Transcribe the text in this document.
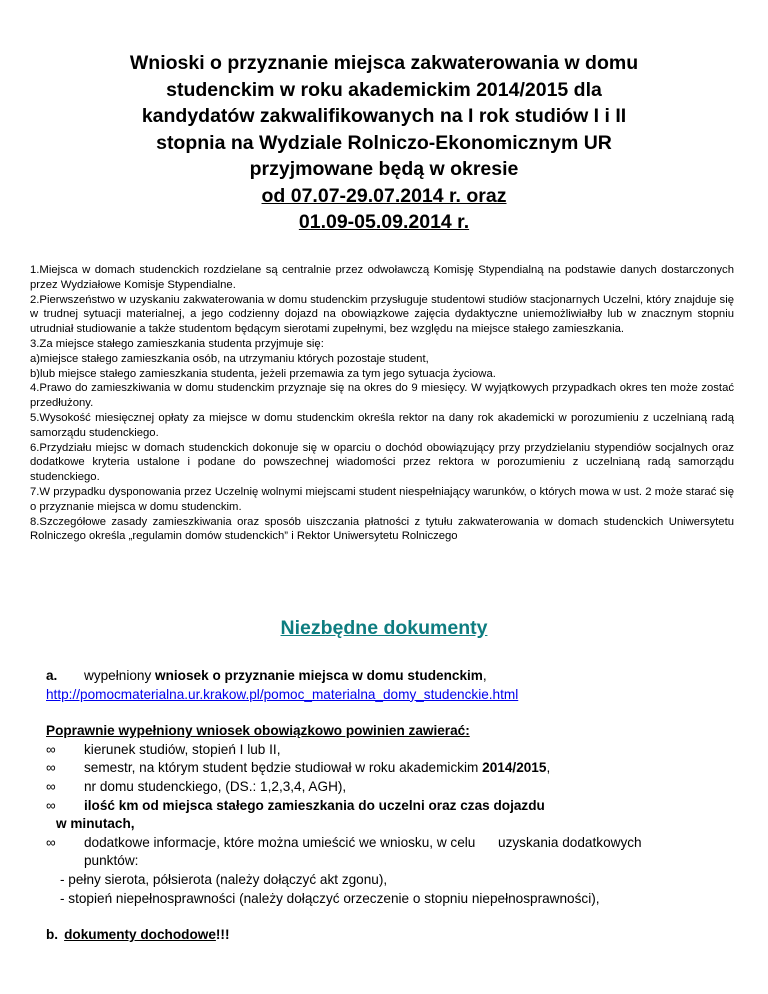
Wnioski o przyznanie miejsca zakwaterowania w domu
studenckim w roku akademickim 2014/2015 dla
kandydatów zakwalifikowanych na I rok studiów I i II
stopnia na Wydziale Rolniczo-Ekonomicznym UR
przyjmowane będą w okresie
od 07.07-29.07.2014 r. oraz
01.09-05.09.2014 r.

1.Miejsca w domach studenckich rozdzielane są centralnie przez odwoławczą Komisję Stypendialną na podstawie danych dostarczonych przez Wydziałowe Komisje Stypendialne.

2.Pierwszeństwo w uzyskaniu zakwaterowania w domu studenckim przysługuje studentowi studiów stacjonarnych Uczelni, który znajduje się w trudnej sytuacji materialnej, a jego codzienny dojazd na obowiązkowe zajęcia dydaktyczne uniemożliwiałby lub w znacznym stopniu utrudniał studiowanie a także studentom będącym sierotami zupełnymi, bez względu na miejsce stałego zamieszkania.

3.Za miejsce stałego zamieszkania studenta przyjmuje się:

a)miejsce stałego zamieszkania osób, na utrzymaniu których pozostaje student,

b)lub miejsce stałego zamieszkania studenta, jeżeli przemawia za tym jego sytuacja życiowa.

4.Prawo do zamieszkiwania w domu studenckim przyznaje się na okres do 9 miesięcy. W wyjątkowych przypadkach okres ten może zostać przedłużony.

5.Wysokość miesięcznej opłaty za miejsce w domu studenckim określa rektor na dany rok akademicki w porozumieniu z uczelnianą radą samorządu studenckiego.

6.Przydziału miejsc w domach studenckich dokonuje się w oparciu o dochód obowiązujący przy przydzielaniu stypendiów socjalnych oraz dodatkowe kryteria ustalone i podane do powszechnej wiadomości przez rektora w porozumieniu z uczelnianą radą samorządu studenckiego.

7.W przypadku dysponowania przez Uczelnię wolnymi miejscami student niespełniający warunków, o których mowa w ust. 2 może starać się o przyznanie miejsca w domu studenckim.

8.Szczegółowe zasady zamieszkiwania oraz sposób uiszczania płatności z tytułu zakwaterowania w domach studenckich Uniwersytetu Rolniczego określa „regulamin domów studenckich” i Rektor Uniwersytetu Rolniczego

Niezbędne dokumenty

a. wypełniony wniosek o przyznanie miejsca w domu studenckim,

http://pomocmaterialna.ur.krakow.pl/pomoc_materialna_domy_studenckie.html

Poprawnie wypełniony wniosek obowiązkowo powinien zawierać:

∞ kierunek studiów, stopień I lub II,
∞ semestr, na którym student będzie studiował w roku akademickim 2014/2015,
∞ nr domu studenckiego, (DS.: 1,2,3,4, AGH),
∞ ilość km od miejsca stałego zamieszkania do uczelni oraz czas dojazdu

w minutach,

∞ dodatkowe informacje, które można umieścić we wniosku, w celu      uzyskania dodatkowych

punktów:

- pełny sierota, półsierota (należy dołączyć akt zgonu),

- stopień niepełnosprawności (należy dołączyć orzeczenie o stopniu niepełnosprawności),

b. dokumenty dochodowe!!!
